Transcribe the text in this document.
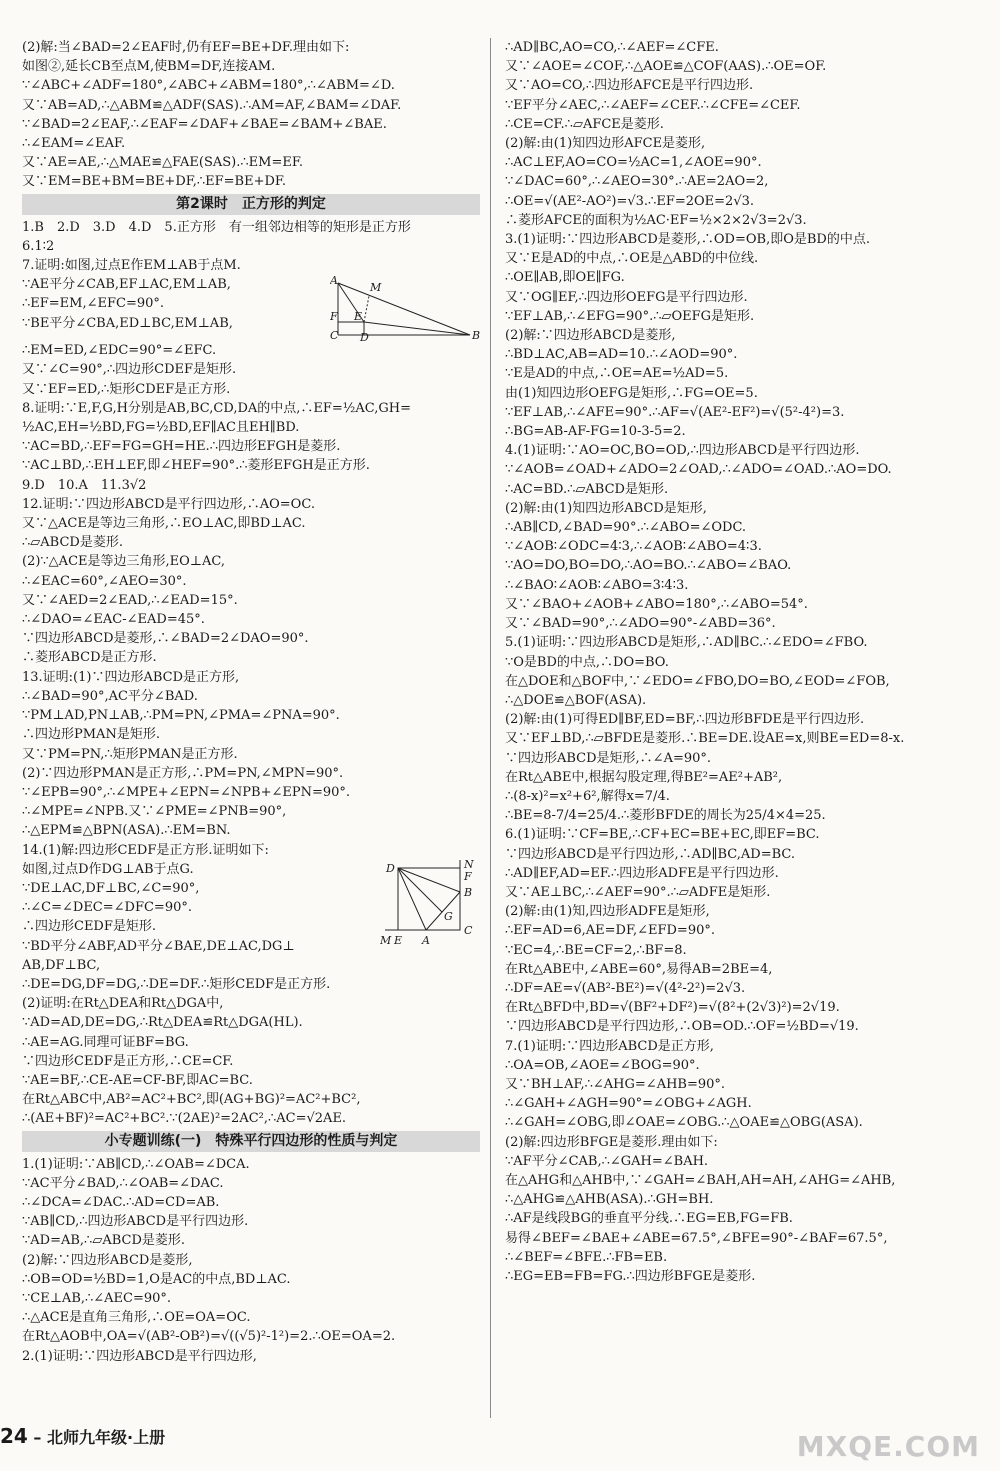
(2)解:当∠BAD=2∠EAF时,仍有EF=BE+DF.理由如下:
如图②,延长CB至点M,使BM=DF,连接AM.
∵∠ABC+∠ADF=180°,∠ABC+∠ABM=180°,∴∠ABM=∠D.
又∵AB=AD,∴△ABM≌△ADF(SAS).∴AM=AF,∠BAM=∠DAF.
∵∠BAD=2∠EAF,∴∠EAF=∠DAF+∠BAE=∠BAM+∠BAE.
∴∠EAM=∠EAF.
又∵AE=AE,∴△MAE≌△FAE(SAS).∴EM=EF.
又∵EM=BE+BM=BE+DF,∴EF=BE+DF.
第2课时　正方形的判定
1.B　2.D　3.D　4.D　5.正方形　有一组邻边相等的矩形是正方形
6.1∶2
7.证明:如图,过点E作EM⊥AB于点M.
∵AE平分∠CAB,EF⊥AC,EM⊥AB,
∴EF=EM,∠EFC=90°.
∵BE平分∠CBA,ED⊥BC,EM⊥AB,
A
M
F E
C D	B
∴EM=ED,∠EDC=90°=∠EFC.
又∵∠C=90°,∴四边形CDEF是矩形.
又∵EF=ED,∴矩形CDEF是正方形.
8.证明:∵E,F,G,H分别是AB,BC,CD,DA的中点,∴EF=½AC,GH=
½AC,EH=½BD,FG=½BD,EF∥AC且EH∥BD.
∵AC=BD,∴EF=FG=GH=HE.∴四边形EFGH是菱形.
∵AC⊥BD,∴EH⊥EF,即∠HEF=90°.∴菱形EFGH是正方形.
9.D　10.A　11.3√2
12.证明:∵四边形ABCD是平行四边形,∴AO=OC.
又∵△ACE是等边三角形,∴EO⊥AC,即BD⊥AC.
∴▱ABCD是菱形.
(2)∵△ACE是等边三角形,EO⊥AC,
∴∠EAC=60°,∠AEO=30°.
又∵∠AED=2∠EAD,∴∠EAD=15°.
∴∠DAO=∠EAC-∠EAD=45°.
∵四边形ABCD是菱形,∴∠BAD=2∠DAO=90°.
∴菱形ABCD是正方形.
13.证明:(1)∵四边形ABCD是正方形,
∴∠BAD=90°,AC平分∠BAD.
∵PM⊥AD,PN⊥AB,∴PM=PN,∠PMA=∠PNA=90°.
∴四边形PMAN是矩形.
又∵PM=PN,∴矩形PMAN是正方形.
(2)∵四边形PMAN是正方形,∴PM=PN,∠MPN=90°.
∵∠EPB=90°,∴∠MPE+∠EPN=∠NPB+∠EPN=90°.
∴∠MPE=∠NPB.又∵∠PME=∠PNB=90°,
∴△EPM≌△BPN(ASA).∴EM=BN.
14.(1)解:四边形CEDF是正方形.证明如下:
如图,过点D作DG⊥AB于点G.
∵DE⊥AC,DF⊥BC,∠C=90°,
∴∠C=∠DEC=∠DFC=90°.
∴四边形CEDF是矩形.
∵BD平分∠ABF,AD平分∠BAE,DE⊥AC,DG⊥
D	N
F
B
G
M E A
C
AB,DF⊥BC,
∴DE=DG,DF=DG,∴DE=DF.∴矩形CEDF是正方形.
(2)证明:在Rt△DEA和Rt△DGA中,
∵AD=AD,DE=DG,∴Rt△DEA≌Rt△DGA(HL).
∴AE=AG.同理可证BF=BG.
∵四边形CEDF是正方形,∴CE=CF.
∵AE=BF,∴CE-AE=CF-BF,即AC=BC.
在Rt△ABC中,AB²=AC²+BC²,即(AG+BG)²=AC²+BC²,
∴(AE+BF)²=AC²+BC².∵(2AE)²=2AC²,∴AC=√2AE.
小专题训练(一)　特殊平行四边形的性质与判定
1.(1)证明:∵AB∥CD,∴∠OAB=∠DCA.
∵AC平分∠BAD,∴∠OAB=∠DAC.
∴∠DCA=∠DAC.∴AD=CD=AB.
∵AB∥CD,∴四边形ABCD是平行四边形.
∵AD=AB,∴▱ABCD是菱形.
(2)解:∵四边形ABCD是菱形,
∴OB=OD=½BD=1,O是AC的中点,BD⊥AC.
∵CE⊥AB,∴∠AEC=90°.
∴△ACE是直角三角形,∴OE=OA=OC.
在Rt△AOB中,OA=√(AB²-OB²)=√((√5)²-1²)=2.∴OE=OA=2.
2.(1)证明:∵四边形ABCD是平行四边形,
∴AD∥BC,AO=CO,∴∠AEF=∠CFE.
又∵∠AOE=∠COF,∴△AOE≌△COF(AAS).∴OE=OF.
又∵AO=CO,∴四边形AFCE是平行四边形.
∵EF平分∠AEC,∴∠AEF=∠CEF.∴∠CFE=∠CEF.
∴CE=CF.∴▱AFCE是菱形.
(2)解:由(1)知四边形AFCE是菱形,
∴AC⊥EF,AO=CO=½AC=1,∠AOE=90°.
∵∠DAC=60°,∴∠AEO=30°.∴AE=2AO=2,
∴OE=√(AE²-AO²)=√3.∴EF=2OE=2√3.
∴菱形AFCE的面积为½AC·EF=½×2×2√3=2√3.
3.(1)证明:∵四边形ABCD是菱形,∴OD=OB,即O是BD的中点.
又∵E是AD的中点,∴OE是△ABD的中位线.
∴OE∥AB,即OE∥FG.
又∵OG∥EF,∴四边形OEFG是平行四边形.
∵EF⊥AB,∴∠EFG=90°.∴▱OEFG是矩形.
(2)解:∵四边形ABCD是菱形,
∴BD⊥AC,AB=AD=10.∴∠AOD=90°.
∵E是AD的中点,∴OE=AE=½AD=5.
由(1)知四边形OEFG是矩形,∴FG=OE=5.
∵EF⊥AB,∴∠AFE=90°.∴AF=√(AE²-EF²)=√(5²-4²)=3.
∴BG=AB-AF-FG=10-3-5=2.
4.(1)证明:∵AO=OC,BO=OD,∴四边形ABCD是平行四边形.
∵∠AOB=∠OAD+∠ADO=2∠OAD,∴∠ADO=∠OAD.∴AO=DO.
∴AC=BD.∴▱ABCD是矩形.
(2)解:由(1)知四边形ABCD是矩形,
∴AB∥CD,∠BAD=90°.∴∠ABO=∠ODC.
∵∠AOB∶∠ODC=4∶3,∴∠AOB∶∠ABO=4∶3.
∵AO=DO,BO=DO,∴AO=BO.∴∠ABO=∠BAO.
∴∠BAO∶∠AOB∶∠ABO=3∶4∶3.
又∵∠BAO+∠AOB+∠ABO=180°,∴∠ABO=54°.
又∵∠BAD=90°,∴∠ADO=90°-∠ABD=36°.
5.(1)证明:∵四边形ABCD是矩形,∴AD∥BC.∴∠EDO=∠FBO.
∵O是BD的中点,∴DO=BO.
在△DOE和△BOF中,∵∠EDO=∠FBO,DO=BO,∠EOD=∠FOB,
∴△DOE≌△BOF(ASA).
(2)解:由(1)可得ED∥BF,ED=BF,∴四边形BFDE是平行四边形.
又∵EF⊥BD,∴▱BFDE是菱形.∴BE=DE.设AE=x,则BE=ED=8-x.
∵四边形ABCD是矩形,∴∠A=90°.
在Rt△ABE中,根据勾股定理,得BE²=AE²+AB²,
∴(8-x)²=x²+6²,解得x=7/4.
∴BE=8-7/4=25/4.∴菱形BFDE的周长为25/4×4=25.
6.(1)证明:∵CF=BE,∴CF+EC=BE+EC,即EF=BC.
∵四边形ABCD是平行四边形,∴AD∥BC,AD=BC.
∴AD∥EF,AD=EF.∴四边形ADFE是平行四边形.
又∵AE⊥BC,∴∠AEF=90°.∴▱ADFE是矩形.
(2)解:由(1)知,四边形ADFE是矩形,
∴EF=AD=6,AE=DF,∠EFD=90°.
∵EC=4,∴BE=CF=2,∴BF=8.
在Rt△ABE中,∠ABE=60°,易得AB=2BE=4,
∴DF=AE=√(AB²-BE²)=√(4²-2²)=2√3.
在Rt△BFD中,BD=√(BF²+DF²)=√(8²+(2√3)²)=2√19.
∵四边形ABCD是平行四边形,∴OB=OD.∴OF=½BD=√19.
7.(1)证明:∵四边形ABCD是正方形,
∴OA=OB,∠AOE=∠BOG=90°.
又∵BH⊥AF,∴∠AHG=∠AHB=90°.
∴∠GAH+∠AGH=90°=∠OBG+∠AGH.
∴∠GAH=∠OBG,即∠OAE=∠OBG.∴△OAE≌△OBG(ASA).
(2)解:四边形BFGE是菱形.理由如下:
∵AF平分∠CAB,∴∠GAH=∠BAH.
在△AHG和△AHB中,∵∠GAH=∠BAH,AH=AH,∠AHG=∠AHB,
∴△AHG≌△AHB(ASA).∴GH=BH.
∴AF是线段BG的垂直平分线.∴EG=EB,FG=FB.
易得∠BEF=∠BAE+∠ABE=67.5°,∠BFE=90°-∠BAF=67.5°,
∴∠BEF=∠BFE.∴FB=EB.
∴EG=EB=FB=FG.∴四边形BFGE是菱形.
24 – 北师九年级·上册	MXQE.COM
